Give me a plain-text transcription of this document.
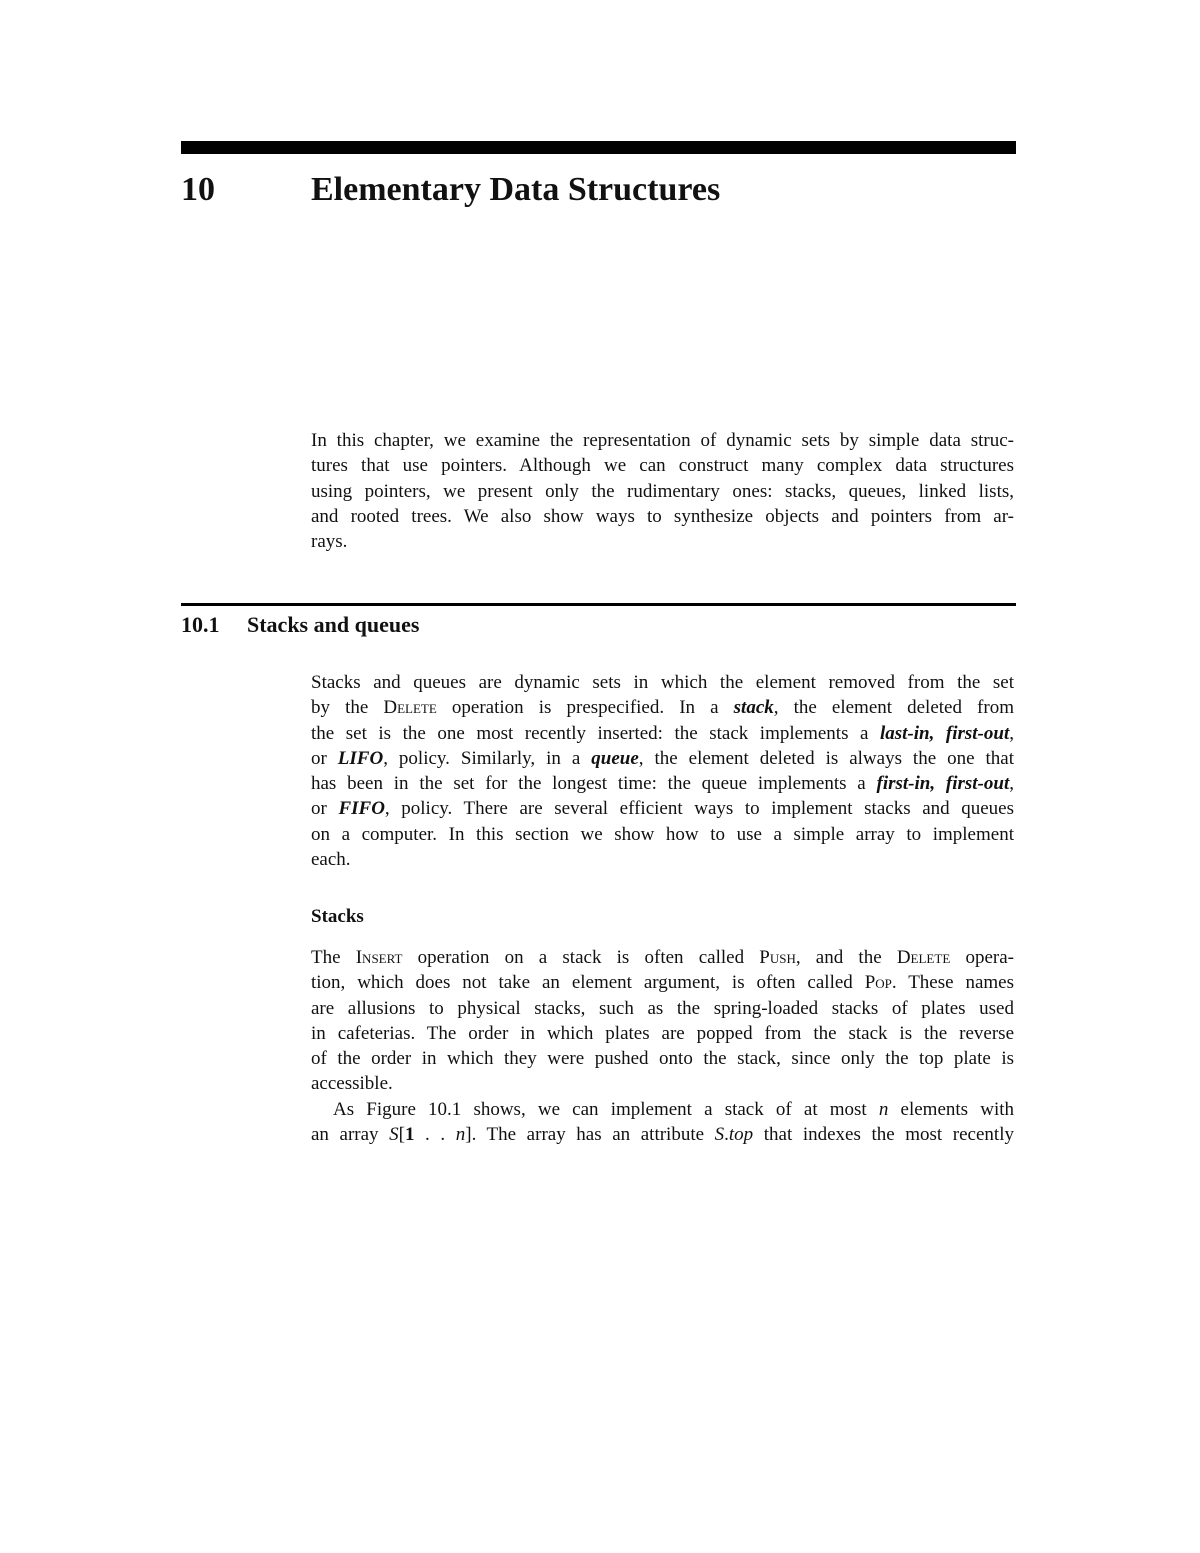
10	Elementary Data Structures
In this chapter, we examine the representation of dynamic sets by simple data struc-
tures that use pointers. Although we can construct many complex data structures
using pointers, we present only the rudimentary ones: stacks, queues, linked lists,
and rooted trees. We also show ways to synthesize objects and pointers from ar-
rays.
10.1 Stacks and queues
Stacks and queues are dynamic sets in which the element removed from the set
by the Delete operation is prespecified. In a stack, the element deleted from
the set is the one most recently inserted: the stack implements a last-in, first-out,
or LIFO, policy. Similarly, in a queue, the element deleted is always the one that
has been in the set for the longest time: the queue implements a first-in, first-out,
or FIFO, policy. There are several efficient ways to implement stacks and queues
on a computer. In this section we show how to use a simple array to implement
each.
Stacks
The Insert operation on a stack is often called Push, and the Delete opera-
tion, which does not take an element argument, is often called Pop. These names
are allusions to physical stacks, such as the spring-loaded stacks of plates used
in cafeterias. The order in which plates are popped from the stack is the reverse
of the order in which they were pushed onto the stack, since only the top plate is
accessible.
As Figure 10.1 shows, we can implement a stack of at most n elements with
an array S[1 . . n]. The array has an attribute S.top that indexes the most recently
